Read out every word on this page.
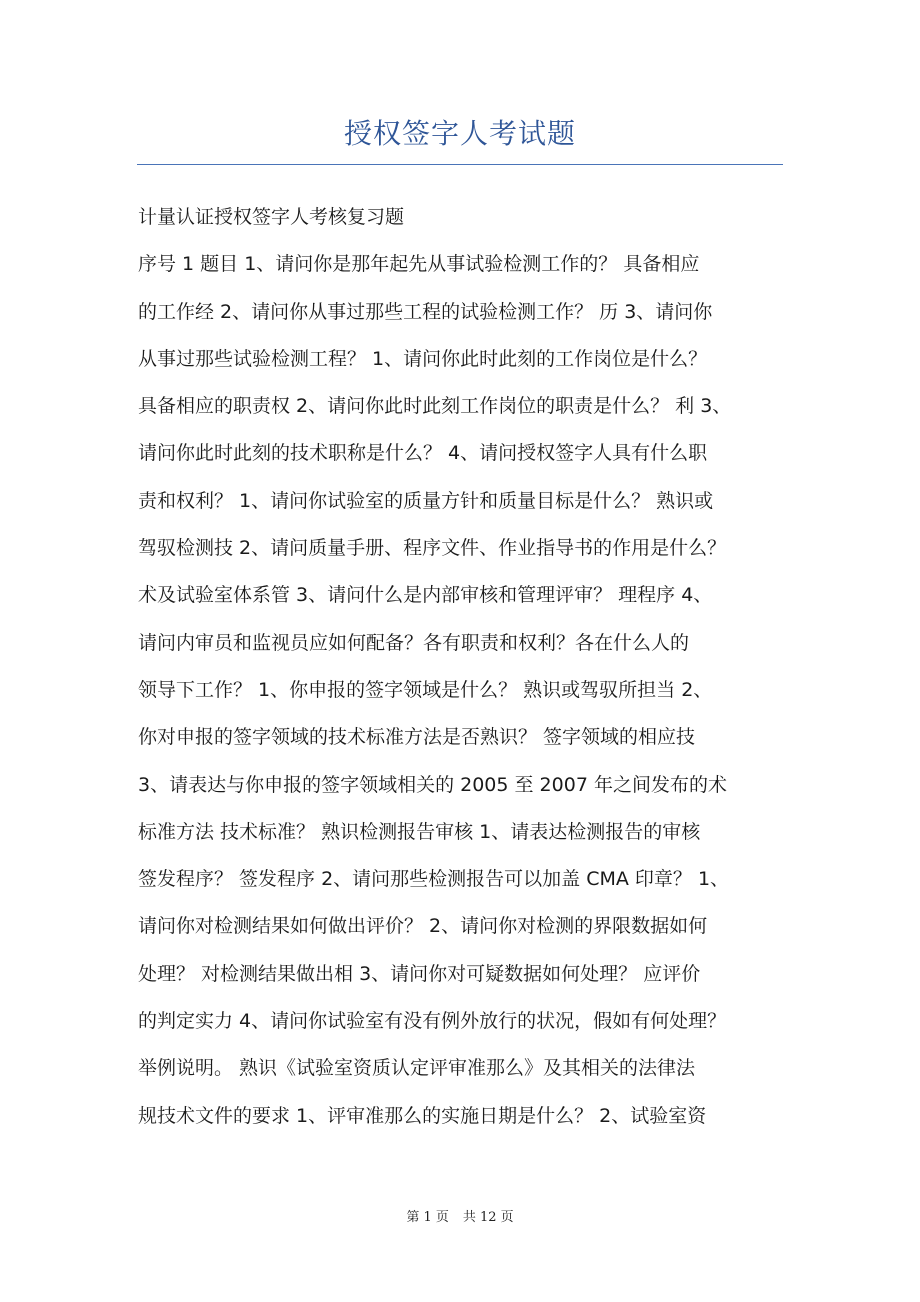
授权签字人考试题
计量认证授权签字人考核复习题
序号 1 题目 1、请问你是那年起先从事试验检测工作的？ 具备相应
的工作经 2、请问你从事过那些工程的试验检测工作？ 历 3、请问你
从事过那些试验检测工程？ 1、请问你此时此刻的工作岗位是什么？
具备相应的职责权 2、请问你此时此刻工作岗位的职责是什么？ 利 3、
请问你此时此刻的技术职称是什么？ 4、请问授权签字人具有什么职
责和权利？ 1、请问你试验室的质量方针和质量目标是什么？ 熟识或
驾驭检测技 2、请问质量手册、程序文件、作业指导书的作用是什么？
术及试验室体系管 3、请问什么是内部审核和管理评审？ 理程序 4、
请问内审员和监视员应如何配备？各有职责和权利？各在什么人的
领导下工作？ 1、你申报的签字领域是什么？ 熟识或驾驭所担当 2、
你对申报的签字领域的技术标准方法是否熟识？ 签字领域的相应技
3、请表达与你申报的签字领域相关的 2005 至 2007 年之间发布的术
标准方法 技术标准？ 熟识检测报告审核 1、请表达检测报告的审核
签发程序？ 签发程序 2、请问那些检测报告可以加盖 CMA 印章？ 1、
请问你对检测结果如何做出评价？ 2、请问你对检测的界限数据如何
处理？ 对检测结果做出相 3、请问你对可疑数据如何处理？ 应评价
的判定实力 4、请问你试验室有没有例外放行的状况，假如有何处理？
举例说明。 熟识《试验室资质认定评审准那么》及其相关的法律法
规技术文件的要求 1、评审准那么的实施日期是什么？ 2、试验室资
第 1 页 共 12 页
